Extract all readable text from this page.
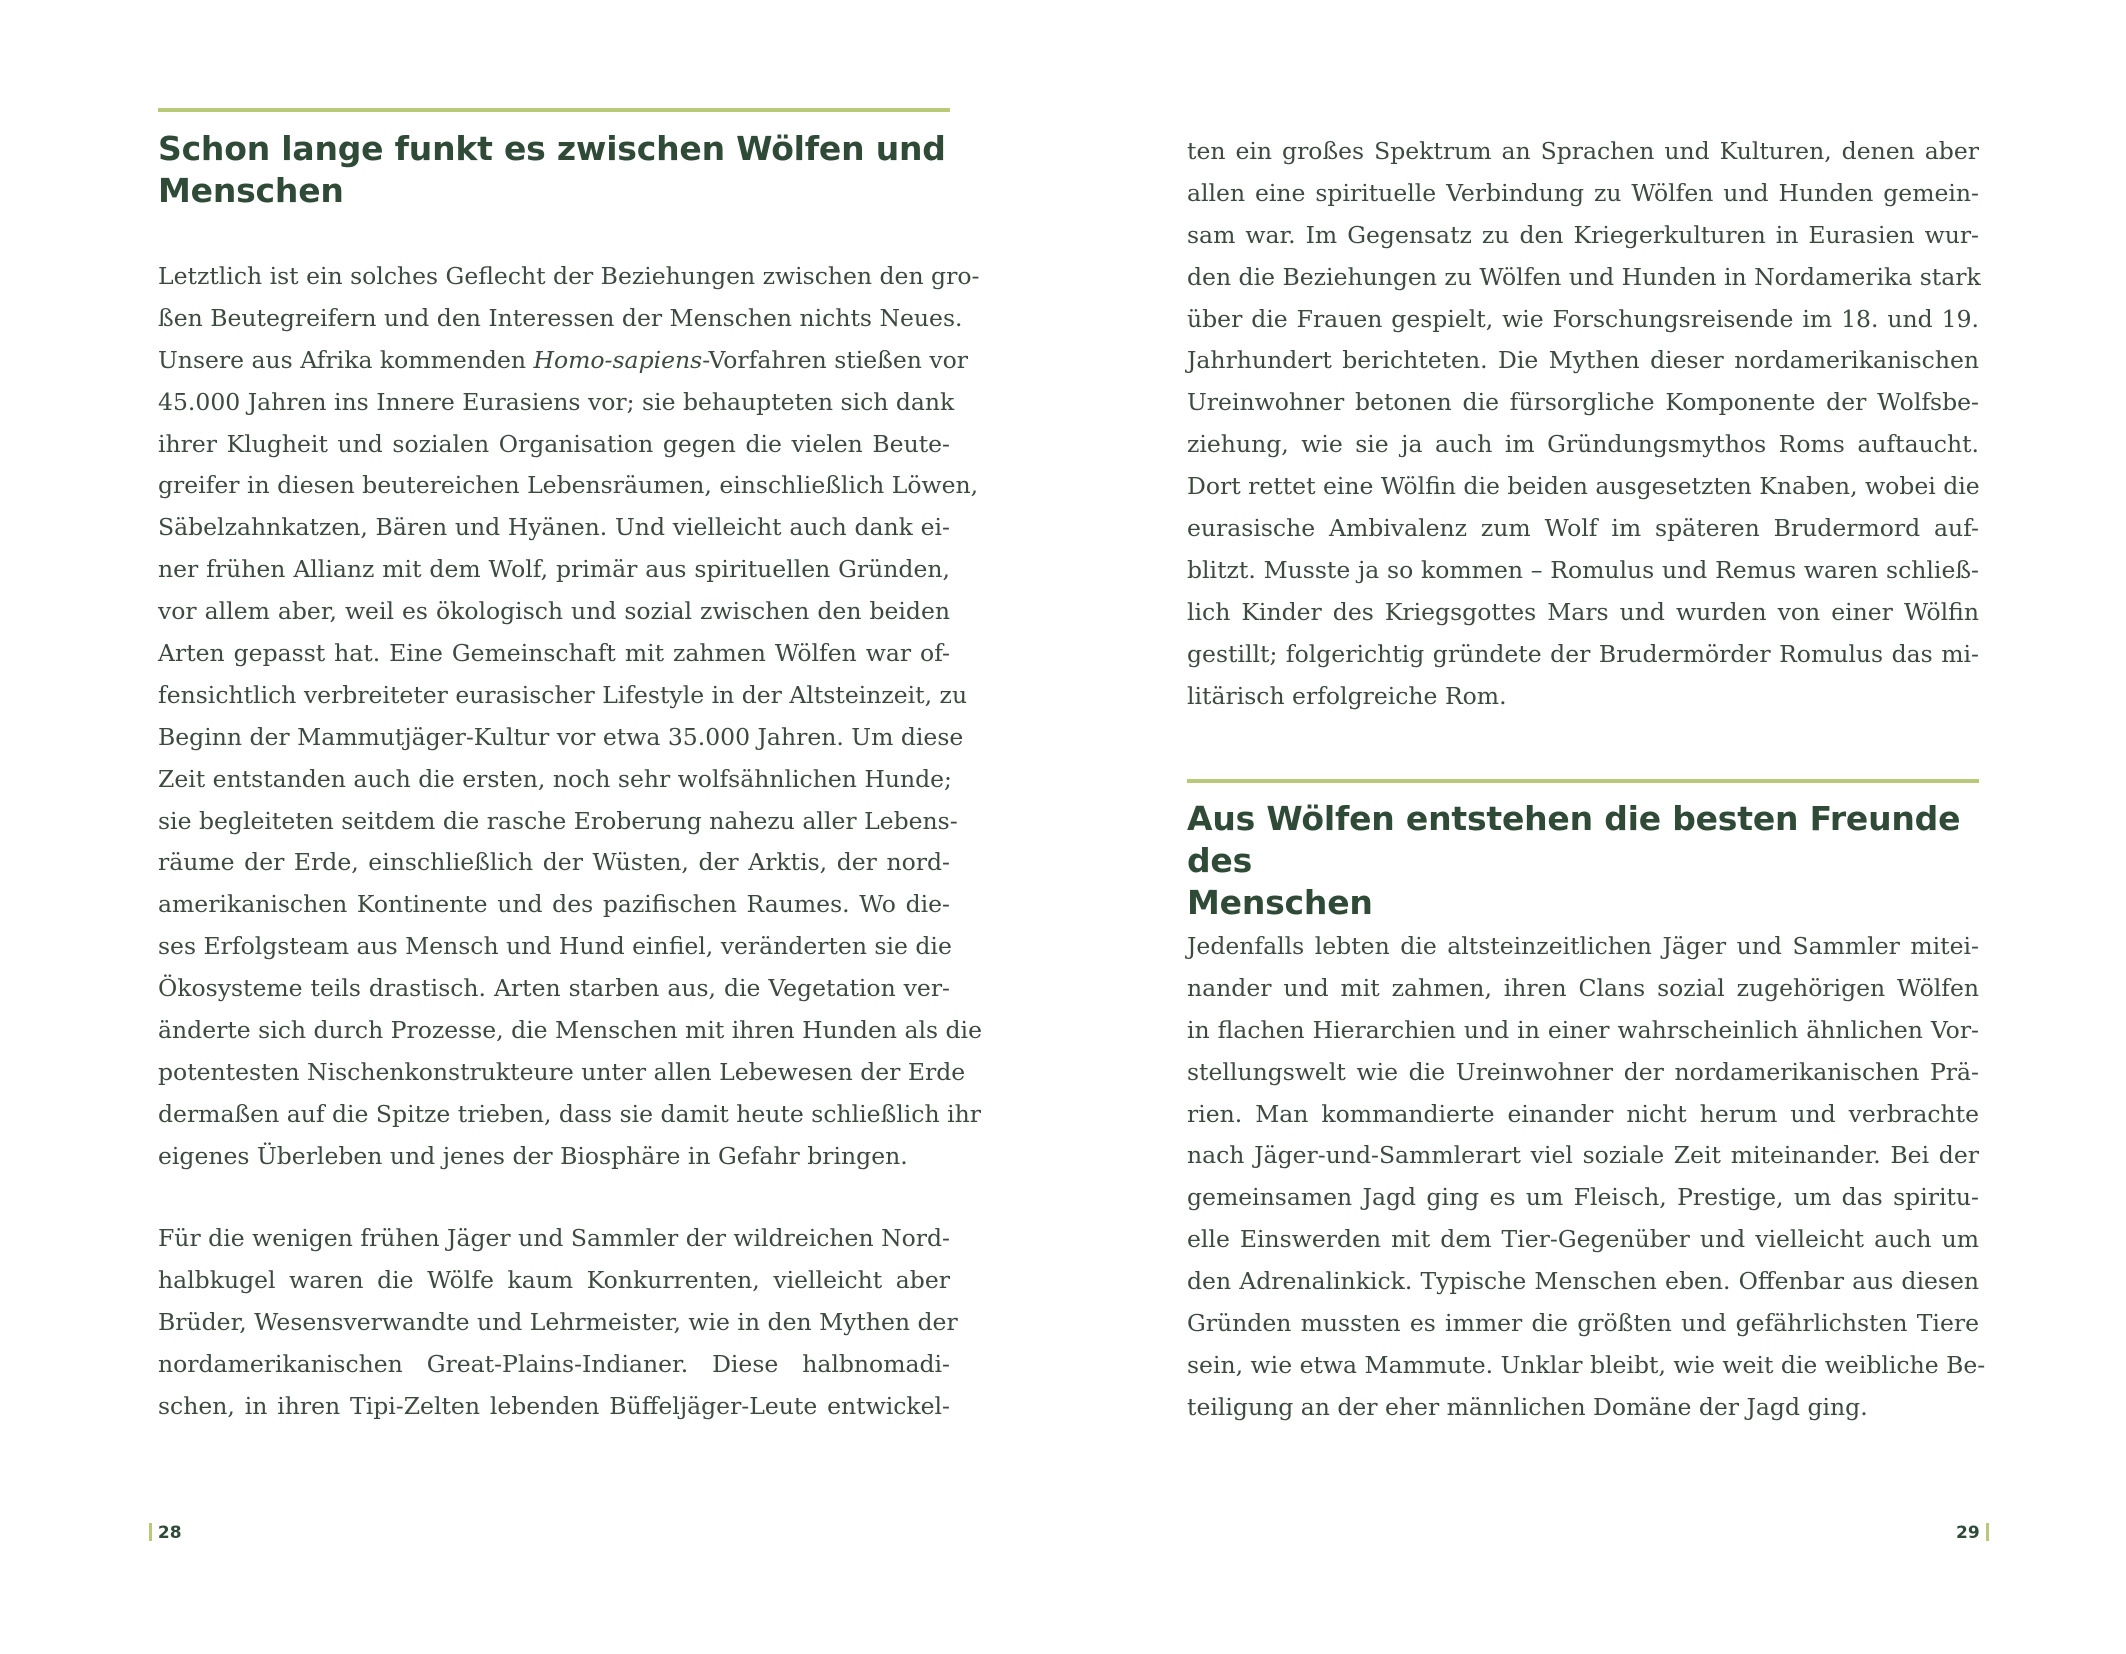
Schon lange funkt es zwischen Wölfen und
Menschen
Letztlich ist ein solches Geflecht der Beziehungen zwischen den gro-
ßen Beutegreifern und den Interessen der Menschen nichts Neues.
Unsere aus Afrika kommenden Homo-sapiens-Vorfahren stießen vor
45.000 Jahren ins Innere Eurasiens vor; sie behaupteten sich dank
ihrer Klugheit und sozialen Organisation gegen die vielen Beute-
greifer in diesen beutereichen Lebensräumen, einschließlich Löwen,
Säbelzahnkatzen, Bären und Hyänen. Und vielleicht auch dank ei-
ner frühen Allianz mit dem Wolf, primär aus spirituellen Gründen,
vor allem aber, weil es ökologisch und sozial zwischen den beiden
Arten gepasst hat. Eine Gemeinschaft mit zahmen Wölfen war of-
fensichtlich verbreiteter eurasischer Lifestyle in der Altsteinzeit, zu
Beginn der Mammutjäger-Kultur vor etwa 35.000 Jahren. Um diese
Zeit entstanden auch die ersten, noch sehr wolfsähnlichen Hunde;
sie begleiteten seitdem die rasche Eroberung nahezu aller Lebens-
räume der Erde, einschließlich der Wüsten, der Arktis, der nord-
amerikanischen Kontinente und des pazifischen Raumes. Wo die-
ses Erfolgsteam aus Mensch und Hund einfiel, veränderten sie die
Ökosysteme teils drastisch. Arten starben aus, die Vegetation ver-
änderte sich durch Prozesse, die Menschen mit ihren Hunden als die
potentesten Nischenkonstrukteure unter allen Lebewesen der Erde
dermaßen auf die Spitze trieben, dass sie damit heute schließlich ihr
eigenes Überleben und jenes der Biosphäre in Gefahr bringen.
Für die wenigen frühen Jäger und Sammler der wildreichen Nord-
halbkugel waren die Wölfe kaum Konkurrenten, vielleicht aber
Brüder, Wesensverwandte und Lehrmeister, wie in den Mythen der
nordamerikanischen Great-Plains-Indianer. Diese halbnomadi-
schen, in ihren Tipi-Zelten lebenden Büffeljäger-Leute entwickel-
28
ten ein großes Spektrum an Sprachen und Kulturen, denen aber
allen eine spirituelle Verbindung zu Wölfen und Hunden gemein-
sam war. Im Gegensatz zu den Kriegerkulturen in Eurasien wur-
den die Beziehungen zu Wölfen und Hunden in Nordamerika stark
über die Frauen gespielt, wie Forschungsreisende im 18. und 19.
Jahrhundert berichteten. Die Mythen dieser nordamerikanischen
Ureinwohner betonen die fürsorgliche Komponente der Wolfsbe-
ziehung, wie sie ja auch im Gründungsmythos Roms auftaucht.
Dort rettet eine Wölfin die beiden ausgesetzten Knaben, wobei die
eurasische Ambivalenz zum Wolf im späteren Brudermord auf-
blitzt. Musste ja so kommen – Romulus und Remus waren schließ-
lich Kinder des Kriegsgottes Mars und wurden von einer Wölfin
gestillt; folgerichtig gründete der Brudermörder Romulus das mi-
litärisch erfolgreiche Rom.
Aus Wölfen entstehen die besten Freunde des
Menschen
Jedenfalls lebten die altsteinzeitlichen Jäger und Sammler mitei-
nander und mit zahmen, ihren Clans sozial zugehörigen Wölfen
in flachen Hierarchien und in einer wahrscheinlich ähnlichen Vor-
stellungswelt wie die Ureinwohner der nordamerikanischen Prä-
rien. Man kommandierte einander nicht herum und verbrachte
nach Jäger-und-Sammlerart viel soziale Zeit miteinander. Bei der
gemeinsamen Jagd ging es um Fleisch, Prestige, um das spiritu-
elle Einswerden mit dem Tier-Gegenüber und vielleicht auch um
den Adrenalinkick. Typische Menschen eben. Offenbar aus diesen
Gründen mussten es immer die größten und gefährlichsten Tiere
sein, wie etwa Mammute. Unklar bleibt, wie weit die weibliche Be-
teiligung an der eher männlichen Domäne der Jagd ging.
29
